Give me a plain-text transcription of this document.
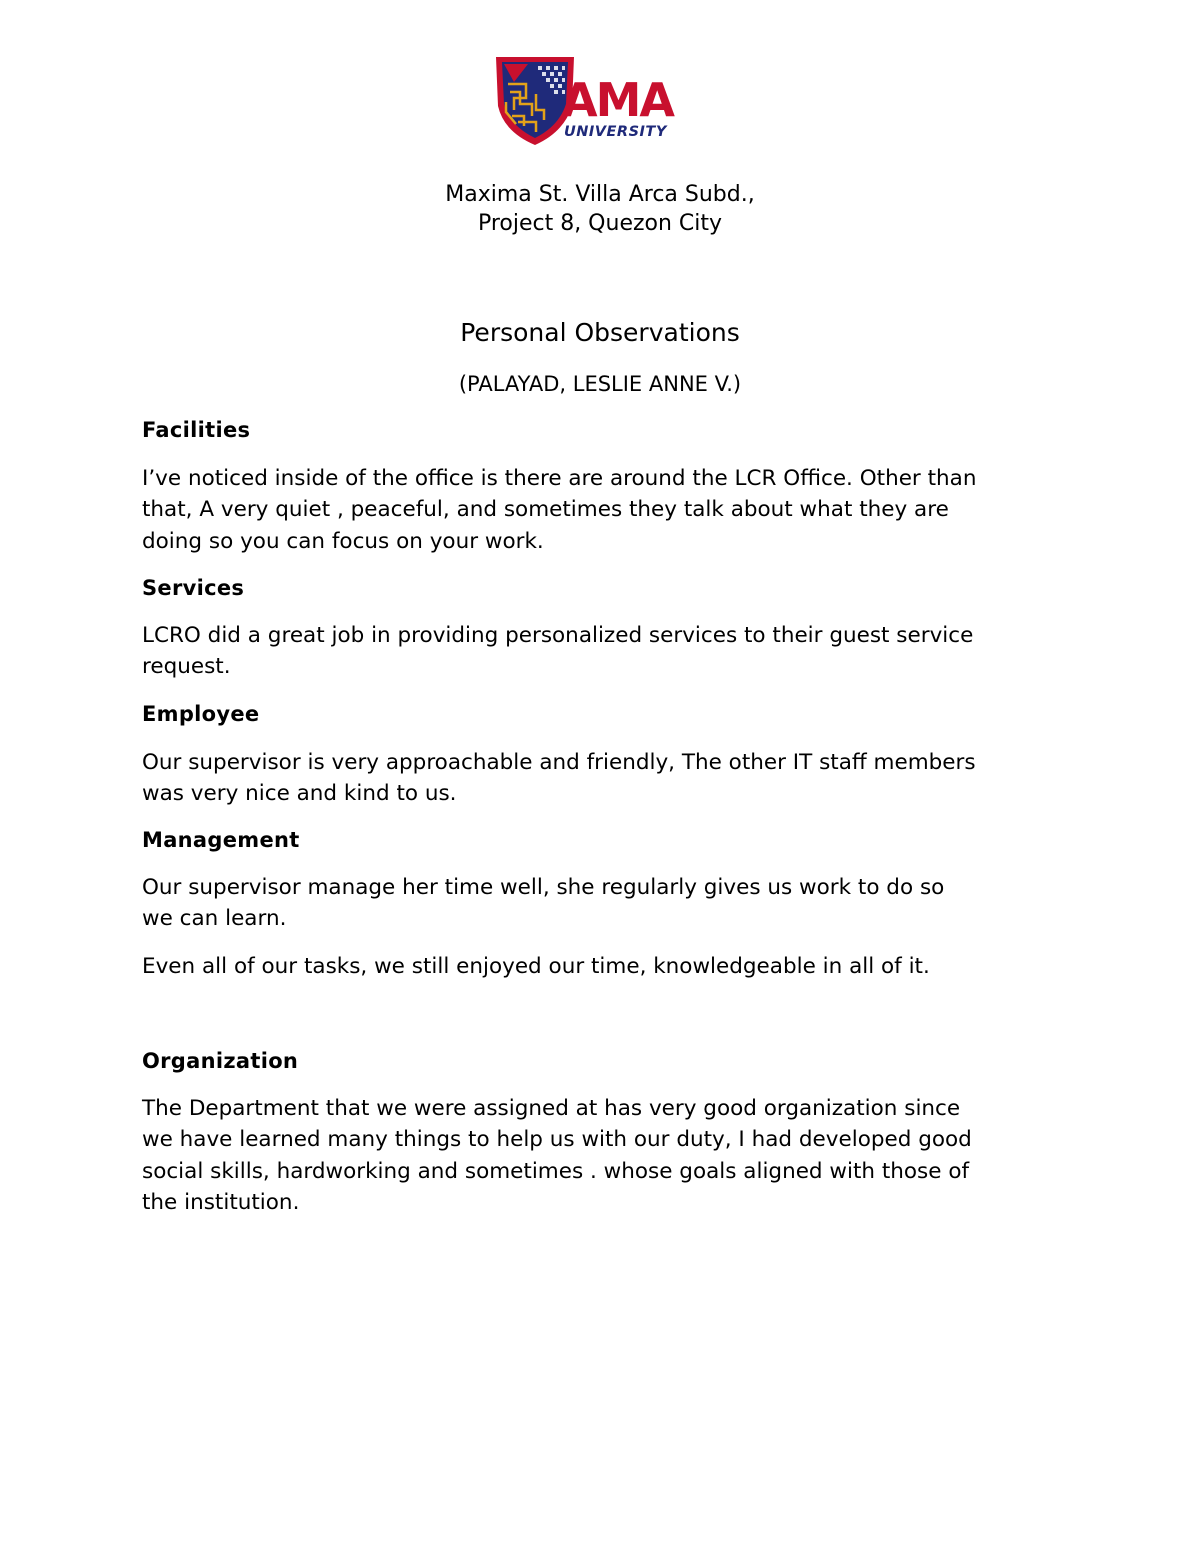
AMA
UNIVERSITY
Maxima St. Villa Arca Subd.,
Project 8, Quezon City
Personal Observations
(PALAYAD, LESLIE ANNE V.)
Facilities
I’ve noticed inside of the office is there are around the LCR Office. Other than
that, A very quiet , peaceful, and sometimes they talk about what they are
doing so you can focus on your work.
Services
LCRO did a great job in providing personalized services to their guest service
request.
Employee
Our supervisor is very approachable and friendly, The other IT staff members
was very nice and kind to us.
Management
Our supervisor manage her time well, she regularly gives us work to do so
we can learn.
Even all of our tasks, we still enjoyed our time, knowledgeable in all of it.
Organization
The Department that we were assigned at has very good organization since
we have learned many things to help us with our duty, I had developed good
social skills, hardworking and sometimes . whose goals aligned with those of
the institution.
